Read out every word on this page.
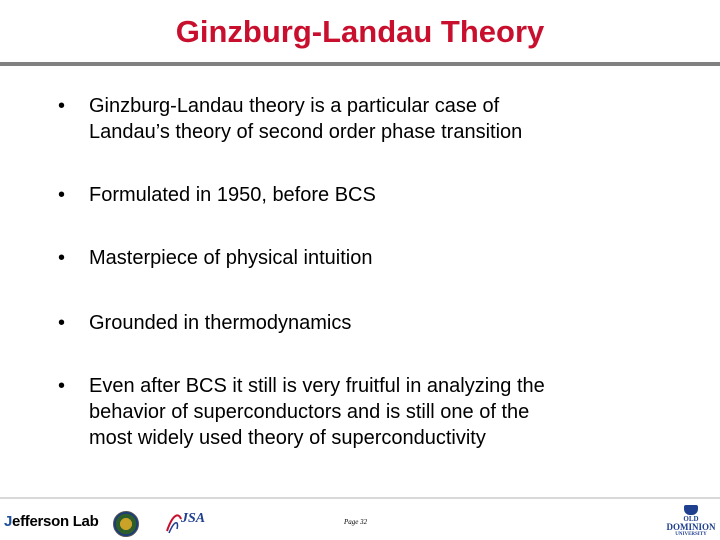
Ginzburg-Landau Theory
•	Ginzburg-Landau theory is a particular case of
Landau’s theory of second order phase transition
•	Formulated in 1950, before BCS
•	Masterpiece of physical intuition
•	Grounded in thermodynamics
•	Even after BCS it still is very fruitful in analyzing the
behavior of superconductors and is still one of the
most widely used theory of superconductivity
Jefferson Lab	JSA	Page 32	OLD
DOMINION
UNIVERSITY
